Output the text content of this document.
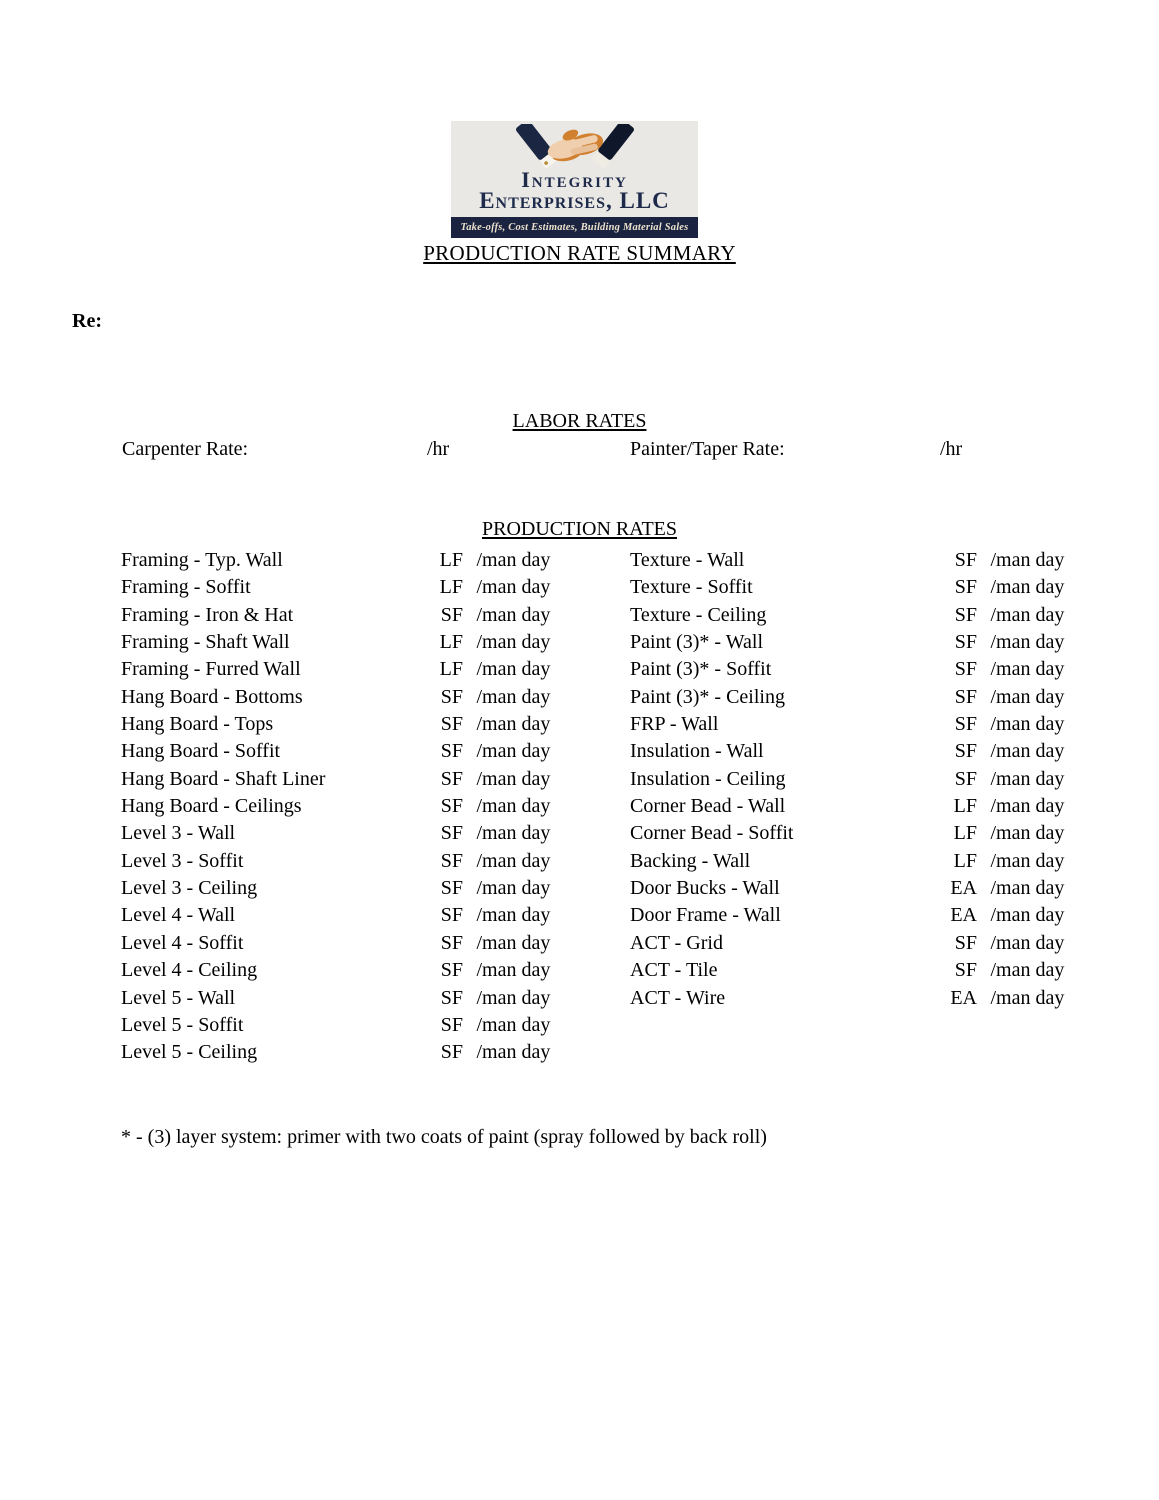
Integrity
Enterprises, LLC
Take-offs, Cost Estimates, Building Material Sales
PRODUCTION RATE SUMMARY
Re:
LABOR RATES
Carpenter Rate:	/hr	Painter/Taper Rate:	/hr
PRODUCTION RATES
Framing - Typ. Wall	LF /man day
Framing - Soffit	LF /man day
Framing - Iron & Hat	SF /man day
Framing - Shaft Wall	LF /man day
Framing - Furred Wall	LF /man day
Hang Board - Bottoms	SF /man day
Hang Board - Tops	SF /man day
Hang Board - Soffit	SF /man day
Hang Board - Shaft Liner	SF /man day
Hang Board - Ceilings	SF /man day
Level 3 - Wall	SF /man day
Level 3 - Soffit	SF /man day
Level 3 - Ceiling	SF /man day
Level 4 - Wall	SF /man day
Level 4 - Soffit	SF /man day
Level 4 - Ceiling	SF /man day
Level 5 - Wall	SF /man day
Level 5 - Soffit	SF /man day
Level 5 - Ceiling	SF /man day
Texture - Wall	SF /man day
Texture - Soffit	SF /man day
Texture - Ceiling	SF /man day
Paint (3)* - Wall	SF /man day
Paint (3)* - Soffit	SF /man day
Paint (3)* - Ceiling	SF /man day
FRP - Wall	SF /man day
Insulation - Wall	SF /man day
Insulation - Ceiling	SF /man day
Corner Bead - Wall	LF /man day
Corner Bead - Soffit	LF /man day
Backing - Wall	LF /man day
Door Bucks - Wall	EA /man day
Door Frame - Wall	EA /man day
ACT - Grid	SF /man day
ACT - Tile	SF /man day
ACT - Wire	EA /man day
* - (3) layer system: primer with two coats of paint (spray followed by back roll)
